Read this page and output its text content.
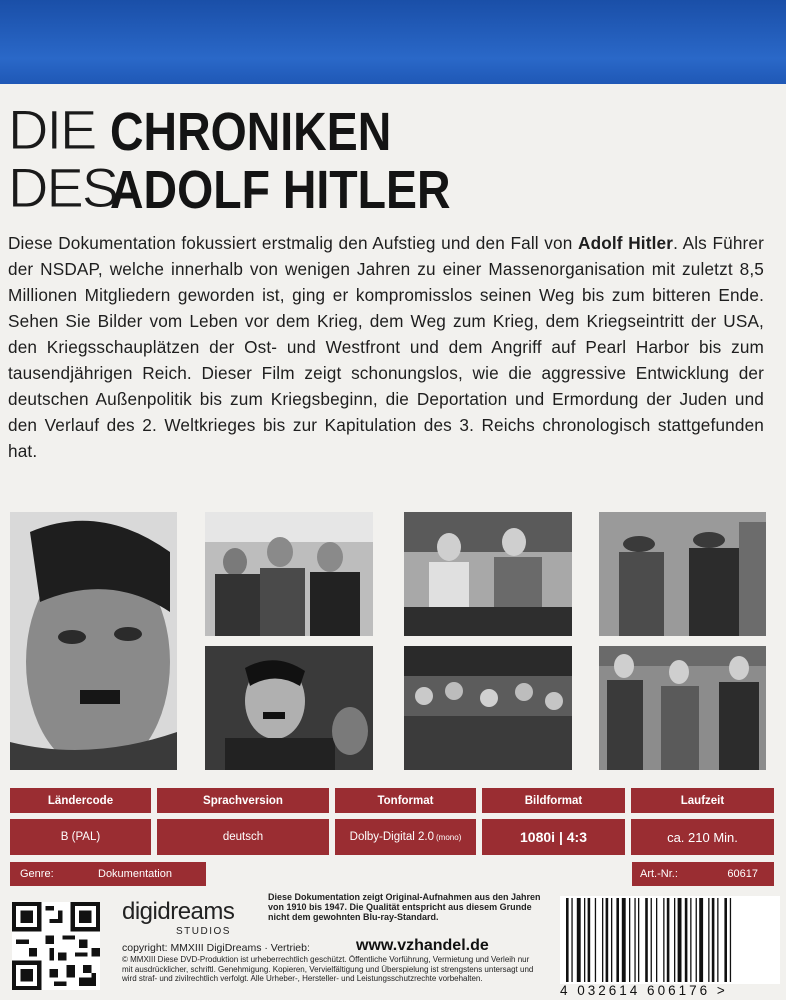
DIE
DES
CHRONIKEN
ADOLF HITLER

Diese Dokumentation fokussiert erstmalig den Aufstieg und den Fall von Adolf Hitler. Als Führer der NSDAP, welche innerhalb von wenigen Jahren zu einer Massenorganisation mit zuletzt 8,5 Millionen Mitgliedern geworden ist, ging er kompromisslos seinen Weg bis zum bitteren Ende. Sehen Sie Bilder vom Leben vor dem Krieg, dem Weg zum Krieg, dem Kriegseintritt der USA, den Kriegsschauplätzen der Ost- und Westfront und dem Angriff auf Pearl Harbor bis zum tausendjährigen Reich. Dieser Film zeigt schonungslos, wie die aggressive Entwicklung der deutschen Außenpolitik bis zum Kriegsbeginn, die Deportation und Ermordung der Juden und den Verlauf des 2. Weltkrieges bis zur Kapitulation des 3. Reichs chronologisch stattgefunden hat.

Ländercode	Sprachversion	Tonformat	Bildformat	Laufzeit
B (PAL)	deutsch	Dolby-Digital 2.0 (mono)	1080i | 4:3	ca. 210 Min.
Genre:	Dokumentation	Art.-Nr.:	60617
digidreams
STUDIOS
Diese Dokumentation zeigt Original-Aufnahmen aus den Jahren von 1910 bis 1947. Die Qualität entspricht aus diesem Grunde nicht dem gewohnten Blu-ray-Standard.
copyright: MMXIII DigiDreams · Vertrieb:	www.vzhandel.de
© MMXIII Diese DVD-Produktion ist urheberrechtlich geschützt. Öffentliche Vorführung, Vermietung und Verleih nur mit ausdrücklicher, schriftl. Genehmigung. Kopieren, Vervielfältigung und Überspielung ist strengstens untersagt und wird straf- und zivilrechtlich verfolgt. Alle Urheber-, Hersteller- und Leistungsschutzrechte vorbehalten.
4 032614 606176 >
